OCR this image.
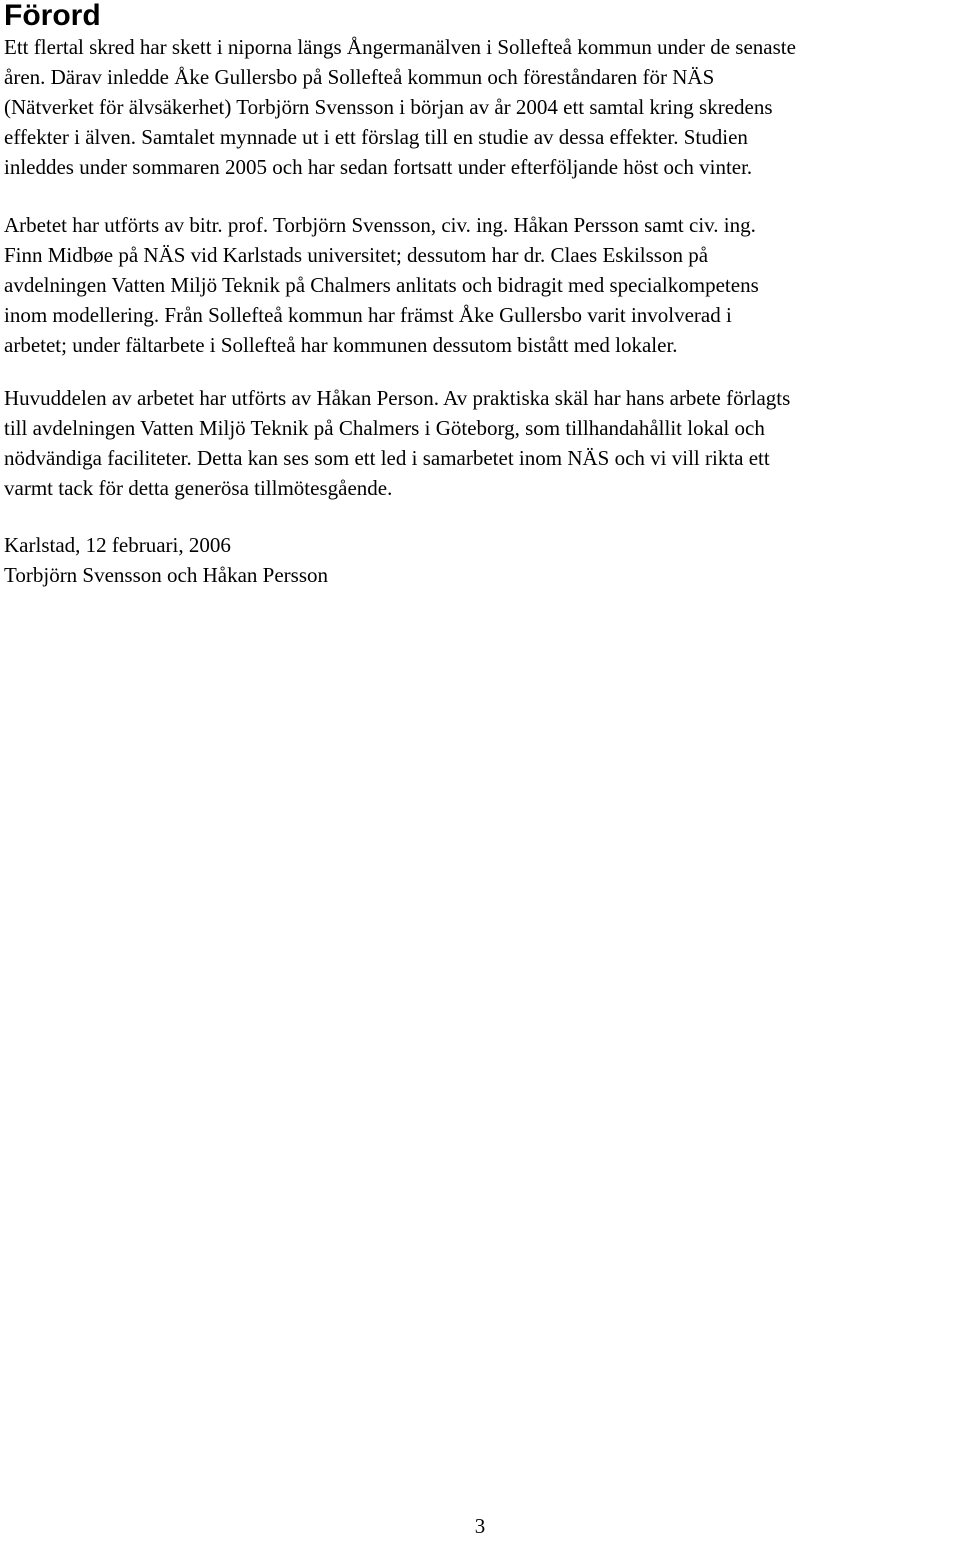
Förord

Ett flertal skred har skett i niporna längs Ångermanälven i Sollefteå kommun under de senaste
åren. Därav inledde Åke Gullersbo på Sollefteå kommun och föreståndaren för NÄS
(Nätverket för älvsäkerhet) Torbjörn Svensson i början av år 2004 ett samtal kring skredens
effekter i älven. Samtalet mynnade ut i ett förslag till en studie av dessa effekter. Studien
inleddes under sommaren 2005 och har sedan fortsatt under efterföljande höst och vinter.

Arbetet har utförts av bitr. prof. Torbjörn Svensson, civ. ing. Håkan Persson samt civ. ing.
Finn Midbøe på NÄS vid Karlstads universitet; dessutom har dr. Claes Eskilsson på
avdelningen Vatten Miljö Teknik på Chalmers anlitats och bidragit med specialkompetens
inom modellering. Från Sollefteå kommun har främst Åke Gullersbo varit involverad i
arbetet; under fältarbete i Sollefteå har kommunen dessutom bistått med lokaler.

Huvuddelen av arbetet har utförts av Håkan Person. Av praktiska skäl har hans arbete förlagts
till avdelningen Vatten Miljö Teknik på Chalmers i Göteborg, som tillhandahållit lokal och
nödvändiga faciliteter. Detta kan ses som ett led i samarbetet inom NÄS och vi vill rikta ett
varmt tack för detta generösa tillmötesgående.

Karlstad, 12 februari, 2006
Torbjörn Svensson och Håkan Persson

3
